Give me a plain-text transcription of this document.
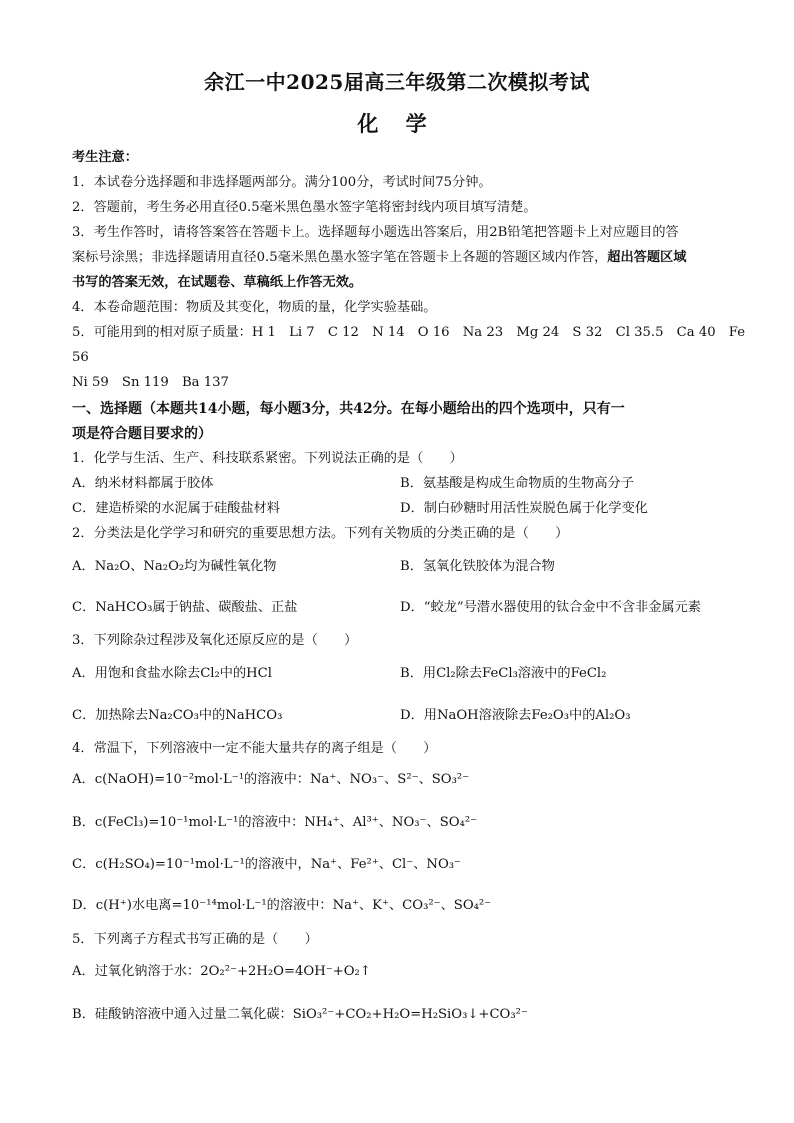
余江一中2025届高三年级第二次模拟考试
化 学
考生注意：
1．本试卷分选择题和非选择题两部分。满分100分，考试时间75分钟。
2．答题前，考生务必用直径0.5毫米黑色墨水签字笔将密封线内项目填写清楚。
3．考生作答时，请将答案答在答题卡上。选择题每小题选出答案后，用2B铅笔把答题卡上对应题目的答
案标号涂黑；非选择题请用直径0.5毫米黑色墨水签字笔在答题卡上各题的答题区域内作答，超出答题区域
书写的答案无效，在试题卷、草稿纸上作答无效。
4．本卷命题范围：物质及其变化，物质的量，化学实验基础。
5．可能用到的相对原子质量：H 1　Li 7　C 12　N 14　O 16　Na 23　Mg 24　S 32　Cl 35.5　Ca 40　Fe
56
Ni 59　Sn 119　Ba 137
一、选择题（本题共14小题，每小题3分，共42分。在每小题给出的四个选项中，只有一
项是符合题目要求的）
1．化学与生活、生产、科技联系紧密。下列说法正确的是（　　）
A．纳米材料都属于胶体	B．氨基酸是构成生命物质的生物高分子
C．建造桥梁的水泥属于硅酸盐材料	D．制白砂糖时用活性炭脱色属于化学变化
2．分类法是化学学习和研究的重要思想方法。下列有关物质的分类正确的是（　　）
A．Na₂O、Na₂O₂均为碱性氧化物	B．氢氧化铁胶体为混合物
C．NaHCO₃属于钠盐、碳酸盐、正盐	D．“蛟龙”号潜水器使用的钛合金中不含非金属元素
3．下列除杂过程涉及氧化还原反应的是（　　）
A．用饱和食盐水除去Cl₂中的HCl	B．用Cl₂除去FeCl₃溶液中的FeCl₂
C．加热除去Na₂CO₃中的NaHCO₃	D．用NaOH溶液除去Fe₂O₃中的Al₂O₃
4．常温下，下列溶液中一定不能大量共存的离子组是（　　）
A．c(NaOH)=10⁻²mol·L⁻¹的溶液中：Na⁺、NO₃⁻、S²⁻、SO₃²⁻
B．c(FeCl₃)=10⁻¹mol·L⁻¹的溶液中：NH₄⁺、Al³⁺、NO₃⁻、SO₄²⁻
C．c(H₂SO₄)=10⁻¹mol·L⁻¹的溶液中，Na⁺、Fe²⁺、Cl⁻、NO₃⁻
D．c(H⁺)水电离=10⁻¹⁴mol·L⁻¹的溶液中：Na⁺、K⁺、CO₃²⁻、SO₄²⁻
5．下列离子方程式书写正确的是（　　）
A．过氧化钠溶于水：2O₂²⁻+2H₂O=4OH⁻+O₂↑
B．硅酸钠溶液中通入过量二氧化碳：SiO₃²⁻+CO₂+H₂O=H₂SiO₃↓+CO₃²⁻
